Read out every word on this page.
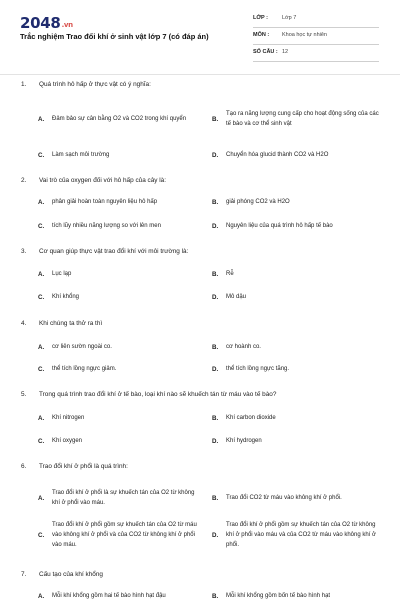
2048.vn
Trắc nghiệm Trao đổi khí ở sinh vật lớp 7 (có đáp án)
LỚP :	Lớp 7
MÔN : Khoa học tự nhiên
SỐ CÂU : 12
1. Quá trình hô hấp ở thực vật có ý nghĩa:
A.	Đảm bảo sự cân bằng O2 và CO2 trong khí quyển	B.
Tạo ra năng lượng cung cấp cho hoạt động sống của các tế bào và cơ thể sinh vật
C.	Làm sạch môi trường	D.	Chuyển hóa glucid thành CO2 và H2O
2. Vai trò của oxygen đối với hô hấp của cây là:
A.	phân giải hoàn toàn nguyên liệu hô hấp	B.	giải phóng CO2 và H2O
C.	tích lũy nhiều năng lượng so với lên men	D.	Nguyên liệu của quá trình hô hấp tế bào
3. Cơ quan giúp thực vật trao đổi khí với môi trường là:
A.	Lục lạp	B.	Rễ
C.	Khí khổng	D.	Mô dậu
4. Khi chúng ta thở ra thì
A.	cơ liên sườn ngoài co.	B.	cơ hoành co.
C.	thể tích lồng ngực giảm.	D.	thể tích lồng ngực tăng.
5. Trong quá trình trao đổi khí ở tế bào, loại khí nào sẽ khuếch tán từ máu vào tế bào?
A.	Khí nitrogen	B.	Khí carbon dioxide
C.	Khí oxygen	D.	Khí hydrogen
6. Trao đổi khí ở phổi là quá trình:
A.
Trao đổi khí ở phổi là sự khuếch tán của O2 từ không khí ở phổi vào máu.
B.	Trao đổi CO2 từ máu vào không khí ở phổi.
C.
Trao đổi khí ở phổi gồm sự khuếch tán của O2 từ máu vào không khí ở phổi và của CO2 từ không khí ở phổi vào máu.
D.
Trao đổi khí ở phổi gồm sự khuếch tán của O2 từ không khí ở phổi vào máu và của CO2 từ máu vào không khí ở phổi.
7. Cấu tạo của khí khổng
A.	Mỗi khí khổng gồm hai tế bào hình hạt đậu	B.	Mỗi khí khổng gồm bốn tế bào hình hạt
